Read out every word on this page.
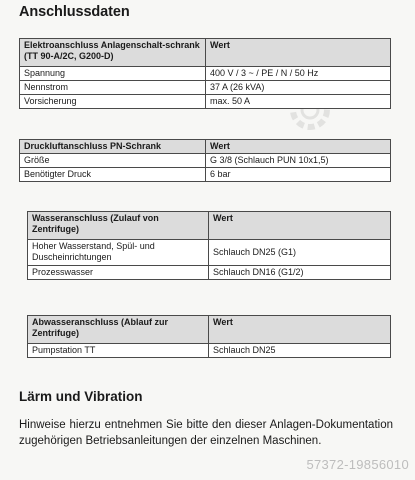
Anschlussdaten
Elektroanschluss Anlagenschalt-schrank (TT 90-A/2C, G200-D)	Wert
Spannung	400 V / 3 ~ / PE / N / 50 Hz
Nennstrom	37 A (26 kVA)
Vorsicherung	max. 50 A
Druckluftanschluss PN-Schrank	Wert
Größe	G 3/8 (Schlauch PUN 10x1,5)
Benötigter Druck	6 bar
Wasseranschluss (Zulauf von Zentrifuge)	Wert
Hoher Wasserstand, Spül- und Duscheinrichtungen	Schlauch DN25 (G1)
Prozesswasser	Schlauch DN16 (G1/2)
Abwasseranschluss (Ablauf zur Zentrifuge)	Wert
Pumpstation TT	Schlauch DN25
Lärm und Vibration
Hinweise hierzu entnehmen Sie bitte den dieser Anlagen-Dokumentation zugehörigen Betriebsanleitungen der einzelnen Maschinen.
57372-19856010
